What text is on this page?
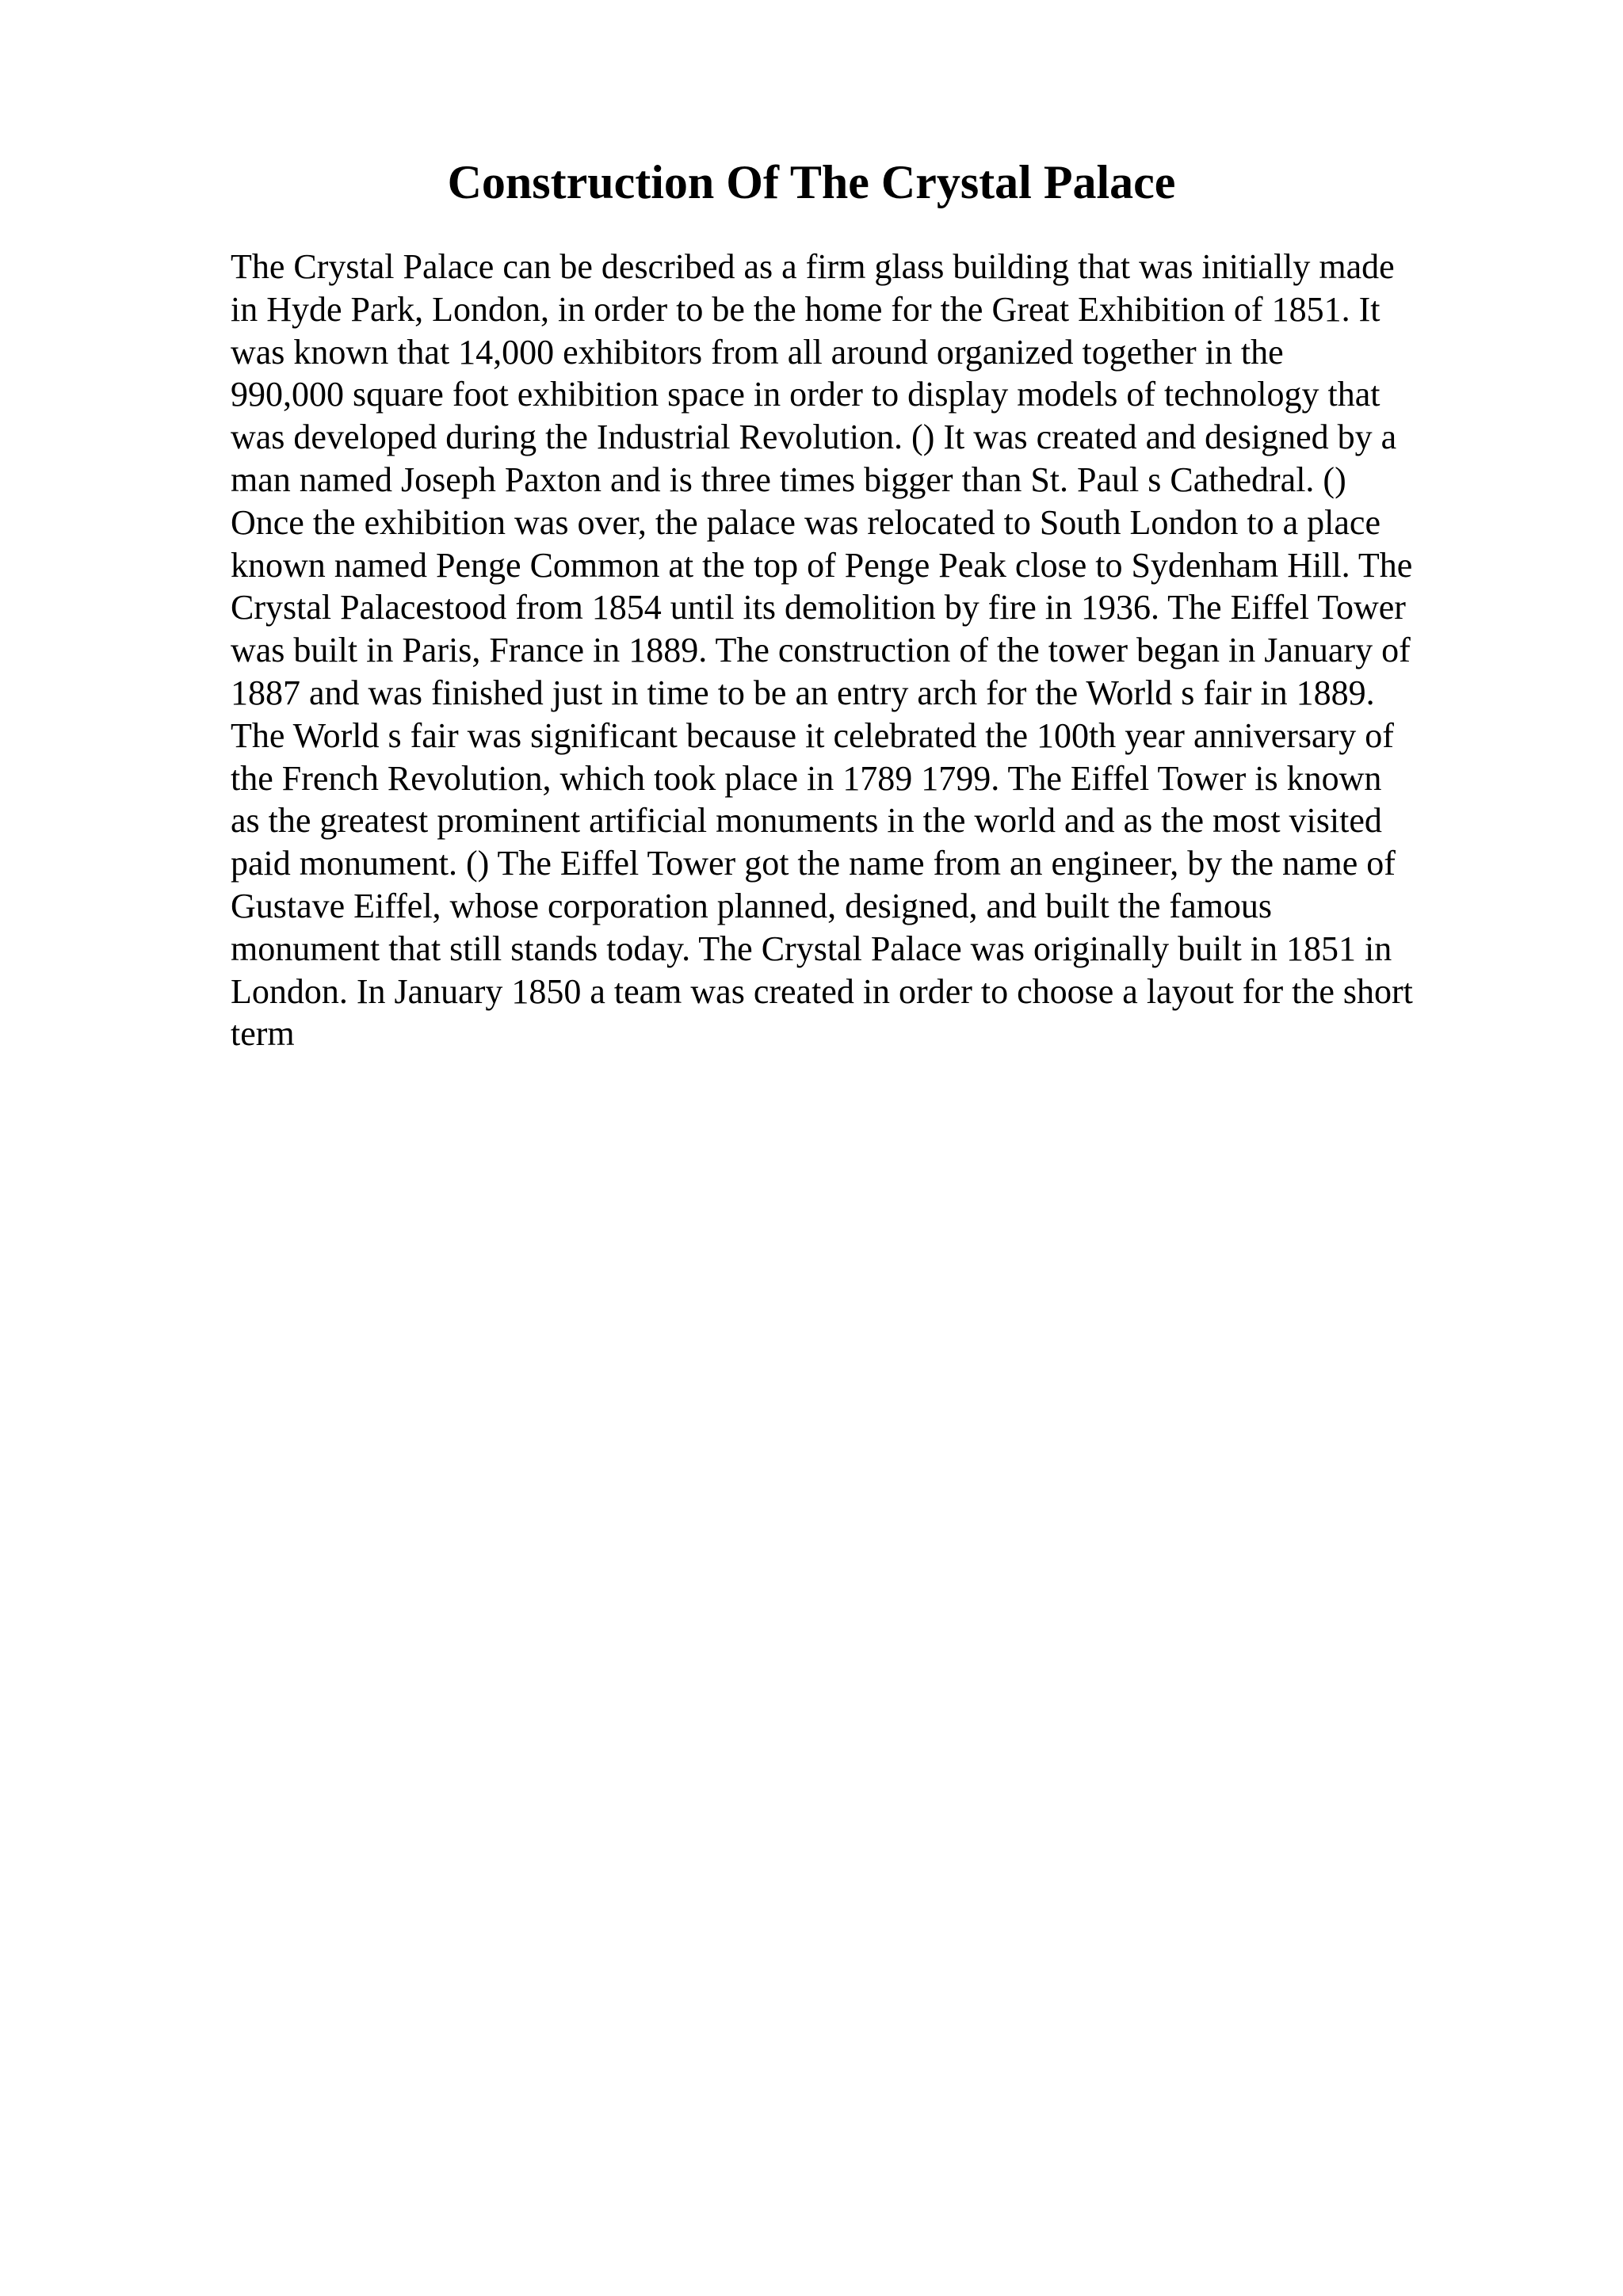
Construction Of The Crystal Palace
The Crystal Palace can be described as a firm glass building that was initially made
in Hyde Park, London, in order to be the home for the Great Exhibition of 1851. It
was known that 14,000 exhibitors from all around organized together in the
990,000 square foot exhibition space in order to display models of technology that
was developed during the Industrial Revolution. () It was created and designed by a
man named Joseph Paxton and is three times bigger than St. Paul s Cathedral. ()
Once the exhibition was over, the palace was relocated to South London to a place
known named Penge Common at the top of Penge Peak close to Sydenham Hill. The
Crystal Palacestood from 1854 until its demolition by fire in 1936. The Eiffel Tower
was built in Paris, France in 1889. The construction of the tower began in January of
1887 and was finished just in time to be an entry arch for the World s fair in 1889.
The World s fair was significant because it celebrated the 100th year anniversary of
the French Revolution, which took place in 1789 1799. The Eiffel Tower is known
as the greatest prominent artificial monuments in the world and as the most visited
paid monument. () The Eiffel Tower got the name from an engineer, by the name of
Gustave Eiffel, whose corporation planned, designed, and built the famous
monument that still stands today. The Crystal Palace was originally built in 1851 in
London. In January 1850 a team was created in order to choose a layout for the short
term
